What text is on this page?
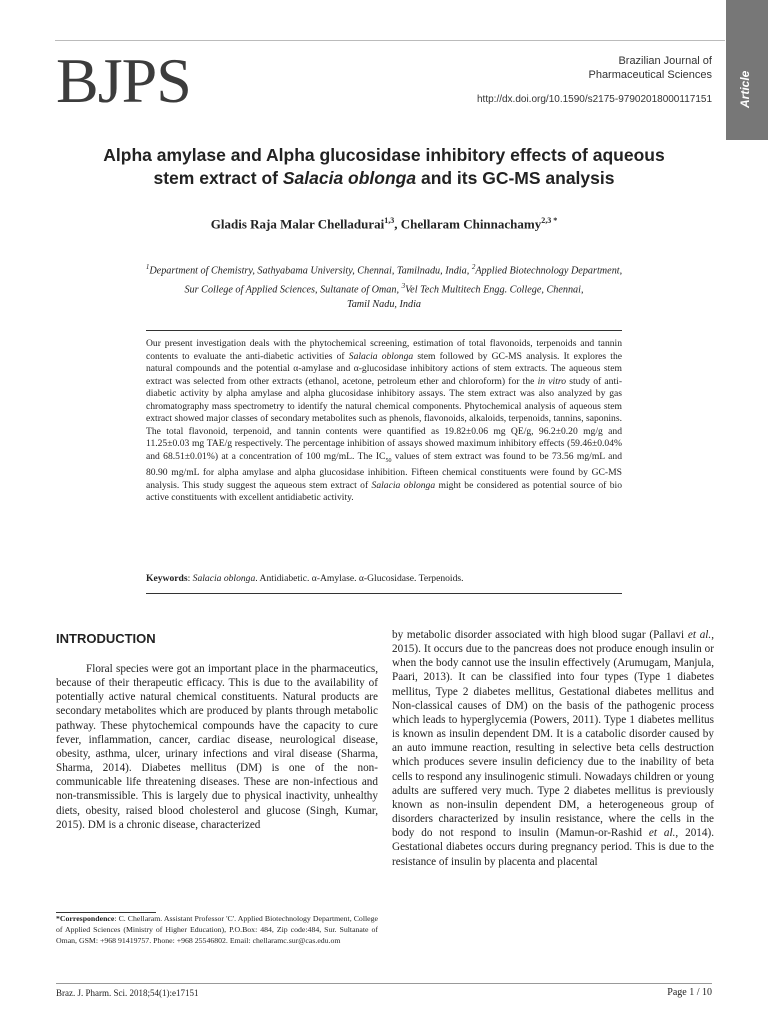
BJPS	Brazilian Journal of
Pharmaceutical Sciences
http://dx.doi.org/10.1590/s2175-97902018000117151 Article
Alpha amylase and Alpha glucosidase inhibitory effects of aqueous
stem extract of Salacia oblonga and its GC-MS analysis
Gladis Raja Malar Chelladurai$^{1,3}$, Chellaram Chinnachamy$^{2,3 *}$
$^1$Department of Chemistry, Sathyabama University, Chennai, Tamilnadu, India, $^2$Applied Biotechnology Department,
Sur College of Applied Sciences, Sultanate of Oman, $^3$Vel Tech Multitech Engg. College, Chennai,
Tamil Nadu, India
Our present investigation deals with the phytochemical screening, estimation of total flavonoids, terpenoids and tannin contents to evaluate the anti-diabetic activities of Salacia oblonga stem followed by GC-MS analysis. It explores the natural compounds and the potential α-amylase and α-glucosidase inhibitory actions of stem extracts. The aqueous stem extract was selected from other extracts (ethanol, acetone, petroleum ether and chloroform) for the in vitro study of anti-diabetic activity by alpha amylase and alpha glucosidase inhibitory assays. The stem extract was also analyzed by gas chromatography mass spectrometry to identify the natural chemical components. Phytochemical analysis of aqueous stem extract showed major classes of secondary metabolites such as phenols, flavonoids, alkaloids, terpenoids, tannins, saponins. The total flavonoid, terpenoid, and tannin contents were quantified as 19.82±0.06 mg QE/g, 96.2±0.20 mg/g and 11.25±0.03 mg TAE/g respectively. The percentage inhibition of assays showed maximum inhibitory effects (59.46±0.04% and 68.51±0.01%) at a concentration of 100 mg/mL. The $IC_{50}$ values of stem extract was found to be 73.56 mg/mL and 80.90 mg/mL for alpha amylase and alpha glucosidase inhibition. Fifteen chemical constituents were found by GC-MS analysis. This study suggest the aqueous stem extract of Salacia oblonga might be considered as potential source of bio active constituents with excellent antidiabetic activity.
Keywords: Salacia oblonga. Antidiabetic. α-Amylase. α-Glucosidase. Terpenoids.
INTRODUCTION

Floral species were got an important place in the pharmaceutics, because of their therapeutic efficacy. This is due to the availability of potentially active natural chemical constituents. Natural products are secondary metabolites which are produced by plants through metabolic pathway. These phytochemical compounds have the capacity to cure fever, inflammation, cancer, cardiac disease, neurological disease, obesity, asthma, ulcer, urinary infections and viral disease (Sharma, Sharma, 2014). Diabetes mellitus (DM) is one of the non-communicable life threatening diseases. These are non-infectious and non-transmissible. This is largely due to physical inactivity, unhealthy diets, obesity, raised blood cholesterol and glucose (Singh, Kumar, 2015). DM is a chronic disease, characterized

by metabolic disorder associated with high blood sugar (Pallavi et al., 2015). It occurs due to the pancreas does not produce enough insulin or when the body cannot use the insulin effectively (Arumugam, Manjula, Paari, 2013). It can be classified into four types (Type 1 diabetes mellitus, Type 2 diabetes mellitus, Gestational diabetes mellitus and Non-classical causes of DM) on the basis of the pathogenic process which leads to hyperglycemia (Powers, 2011). Type 1 diabetes mellitus is known as insulin dependent DM. It is a catabolic disorder caused by an auto immune reaction, resulting in selective beta cells destruction which produces severe insulin deficiency due to the inability of beta cells to respond any insulinogenic stimuli. Nowadays children or young adults are suffered very much. Type 2 diabetes mellitus is previously known as non-insulin dependent DM, a heterogeneous group of disorders characterized by insulin resistance, where the cells in the body do not respond to insulin (Mamun-or-Rashid et al., 2014). Gestational diabetes occurs during pregnancy period. This is due to the resistance of insulin by placenta and placental

*Correspondence: C. Chellaram. Assistant Professor 'C'. Applied Biotechnology Department, College of Applied Sciences (Ministry of Higher Education), P.O.Box: 484, Zip code:484, Sur. Sultanate of Oman, GSM: +968 91419757. Phone: +968 25546802. Email: chellaramc.sur@cas.edu.om
Braz. J. Pharm. Sci. 2018;54(1):e17151	Page 1 / 10
